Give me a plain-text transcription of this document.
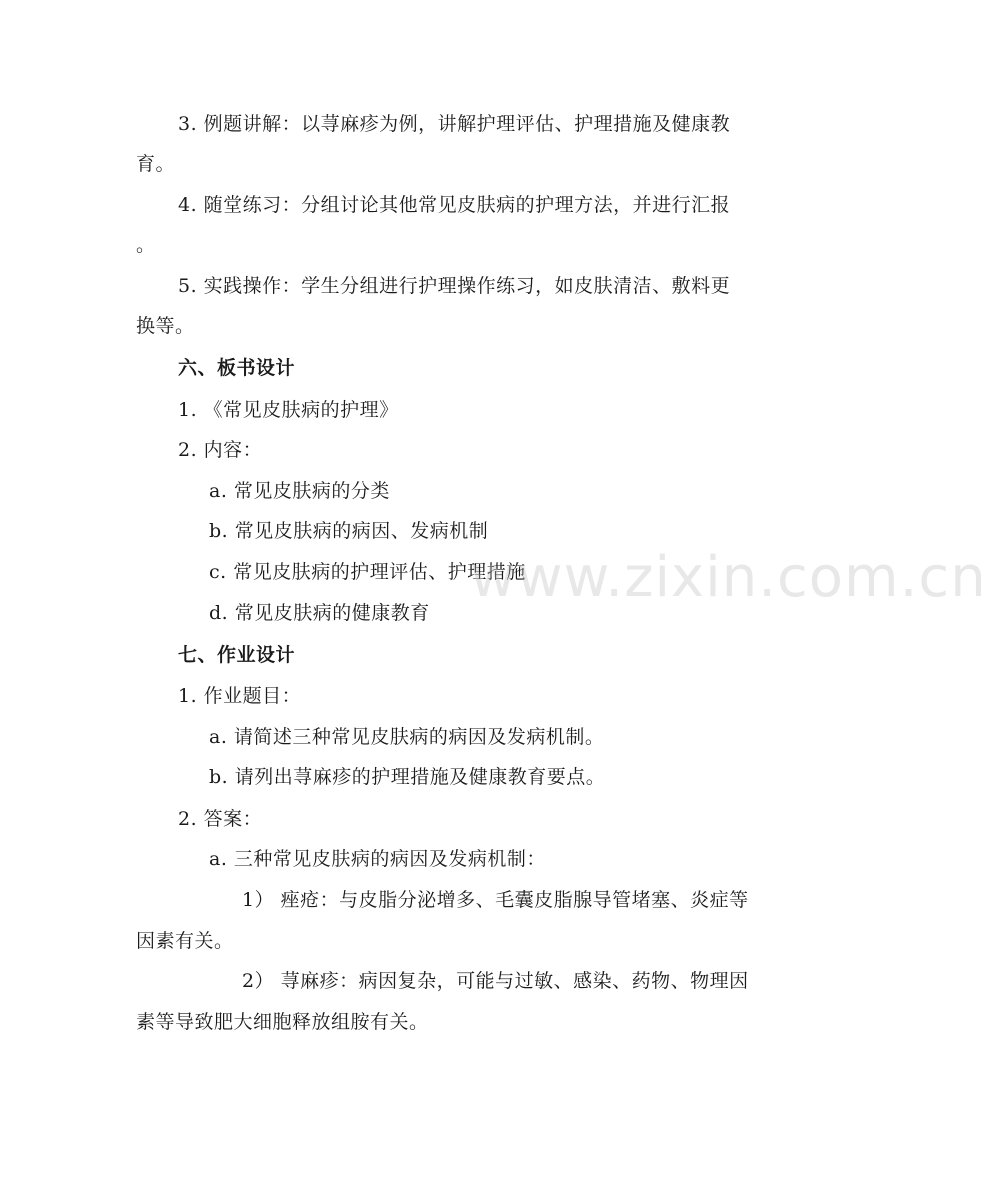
3. 例题讲解：以荨麻疹为例，讲解护理评估、护理措施及健康教
育。
4. 随堂练习：分组讨论其他常见皮肤病的护理方法，并进行汇报
。
5. 实践操作：学生分组进行护理操作练习，如皮肤清洁、敷料更
换等。
六、板书设计
1. 《常见皮肤病的护理》
2. 内容：
a. 常见皮肤病的分类
b. 常见皮肤病的病因、发病机制
c. 常见皮肤病的护理评估、护理措施
d. 常见皮肤病的健康教育
七、作业设计
1. 作业题目：
a. 请简述三种常见皮肤病的病因及发病机制。
b. 请列出荨麻疹的护理措施及健康教育要点。
2. 答案：
a. 三种常见皮肤病的病因及发病机制：
1） 痤疮：与皮脂分泌增多、毛囊皮脂腺导管堵塞、炎症等
因素有关。
2） 荨麻疹：病因复杂，可能与过敏、感染、药物、物理因
素等导致肥大细胞释放组胺有关。
www.zixin.com.cn
